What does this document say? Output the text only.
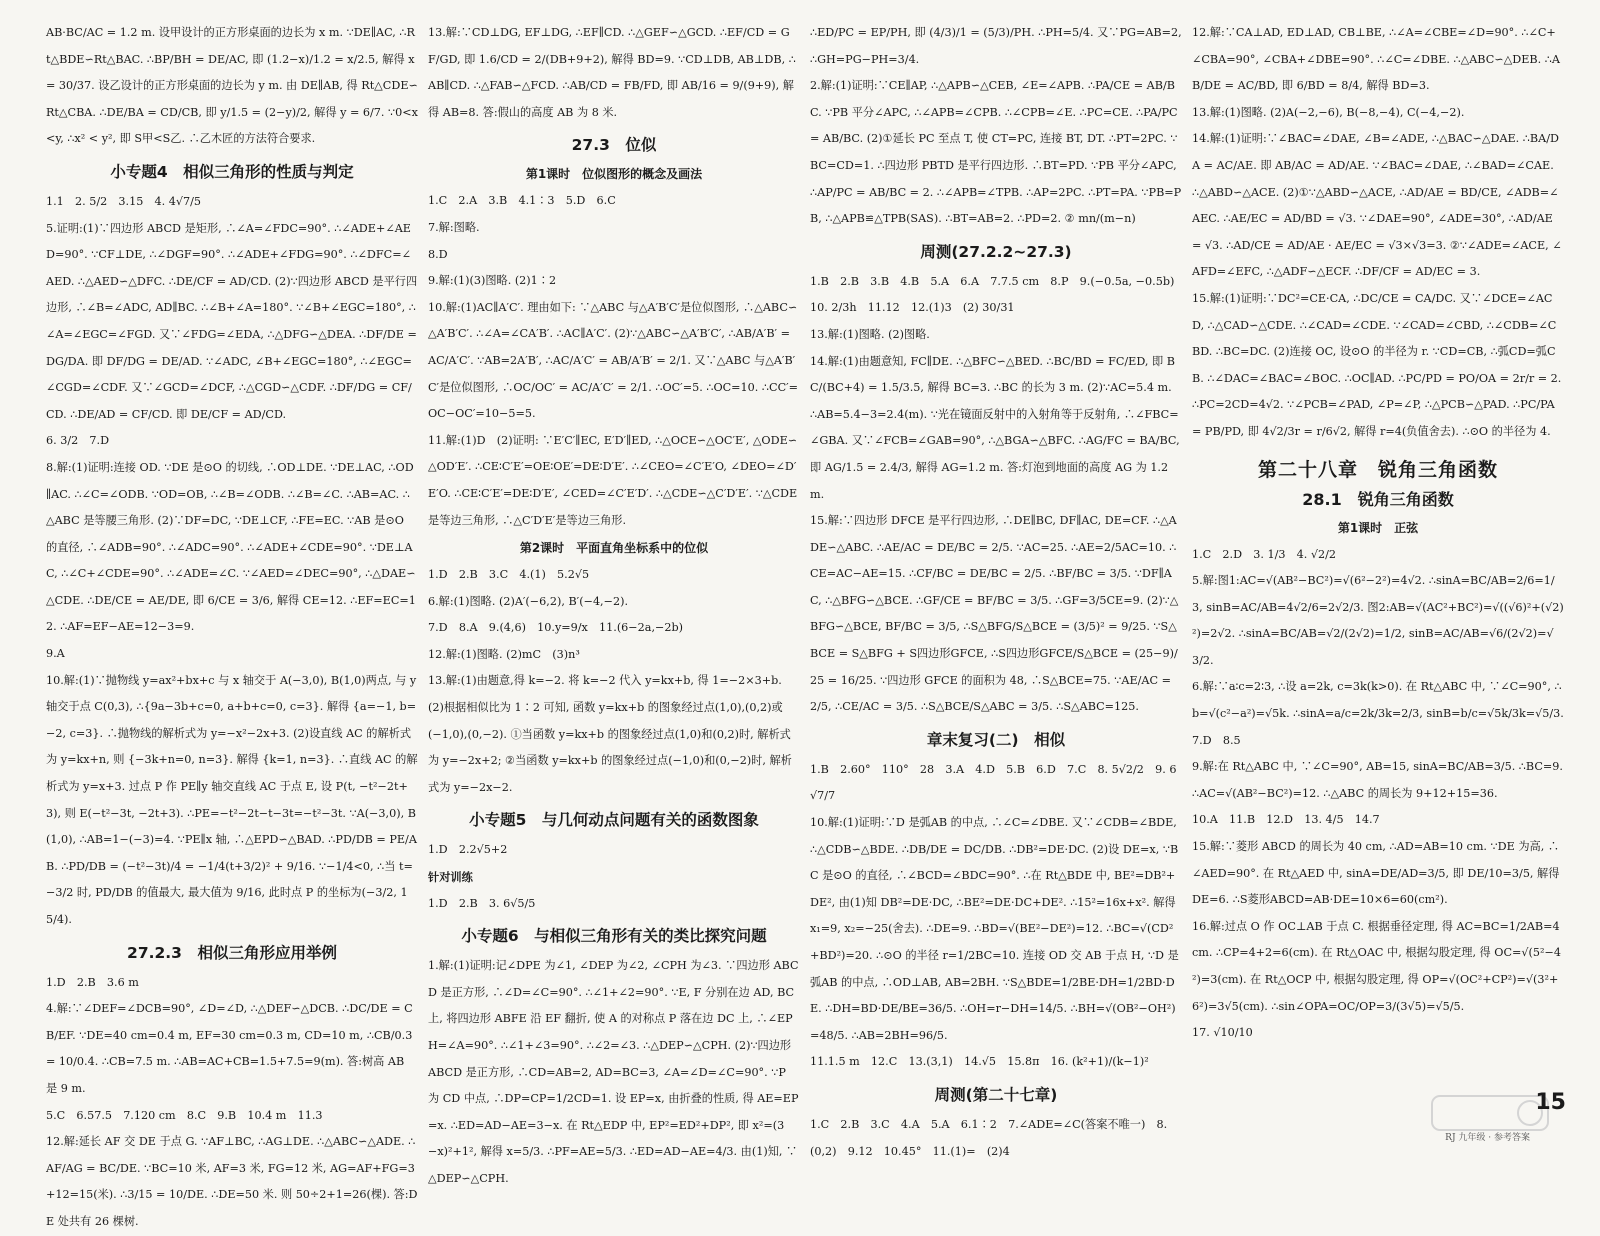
AB·BC/AC = 1.2 m. 设甲设计的正方形桌面的边长为 x m. ∵DE∥AC, ∴Rt△BDE∽Rt△BAC. ∴BP/BH = DE/AC, 即 (1.2−x)/1.2 = x/2.5, 解得 x = 30/37. 设乙设计的正方形桌面的边长为 y m. 由 DE∥AB, 得 Rt△CDE∽Rt△CBA. ∴DE/BA = CD/CB, 即 y/1.5 = (2−y)/2, 解得 y = 6/7. ∵0<x<y, ∴x² < y², 即 S甲<S乙. ∴乙木匠的方法符合要求.

小专题4　相似三角形的性质与判定

1.1　2. 5/2　3.15　4. 4√7/5

5.证明:(1)∵四边形 ABCD 是矩形, ∴∠A=∠FDC=90°. ∴∠ADE+∠AED=90°. ∵CF⊥DE, ∴∠DGF=90°. ∴∠ADE+∠FDG=90°. ∴∠DFC=∠AED. ∴△AED∽△DFC. ∴DE/CF = AD/CD. (2)∵四边形 ABCD 是平行四边形, ∴∠B=∠ADC, AD∥BC. ∴∠B+∠A=180°. ∵∠B+∠EGC=180°, ∴∠A=∠EGC=∠FGD. 又∵∠FDG=∠EDA, ∴△DFG∽△DEA. ∴DF/DE = DG/DA. 即 DF/DG = DE/AD. ∵∠ADC, ∠B+∠EGC=180°, ∴∠EGC=∠CGD=∠CDF. 又∵∠GCD=∠DCF, ∴△CGD∽△CDF. ∴DF/DG = CF/CD. ∴DE/AD = CF/CD. 即 DE/CF = AD/CD.

6. 3/2　7.D

8.解:(1)证明:连接 OD. ∵DE 是⊙O 的切线, ∴OD⊥DE. ∵DE⊥AC, ∴OD∥AC. ∴∠C=∠ODB. ∵OD=OB, ∴∠B=∠ODB. ∴∠B=∠C. ∴AB=AC. ∴△ABC 是等腰三角形. (2)∵DF=DC, ∵DE⊥CF, ∴FE=EC. ∵AB 是⊙O 的直径, ∴∠ADB=90°. ∴∠ADC=90°. ∴∠ADE+∠CDE=90°. ∵DE⊥AC, ∴∠C+∠CDE=90°. ∴∠ADE=∠C. ∵∠AED=∠DEC=90°, ∴△DAE∽△CDE. ∴DE/CE = AE/DE, 即 6/CE = 3/6, 解得 CE=12. ∴EF=EC=12. ∴AF=EF−AE=12−3=9.

9.A

10.解:(1)∵抛物线 y=ax²+bx+c 与 x 轴交于 A(−3,0), B(1,0)两点, 与 y 轴交于点 C(0,3), ∴{9a−3b+c=0, a+b+c=0, c=3}. 解得 {a=−1, b=−2, c=3}. ∴抛物线的解析式为 y=−x²−2x+3. (2)设直线 AC 的解析式为 y=kx+n, 则 {−3k+n=0, n=3}. 解得 {k=1, n=3}. ∴直线 AC 的解析式为 y=x+3. 过点 P 作 PE∥y 轴交直线 AC 于点 E, 设 P(t, −t²−2t+3), 则 E(−t²−3t, −2t+3). ∴PE=−t²−2t−t−3t=−t²−3t. ∵A(−3,0), B(1,0), ∴AB=1−(−3)=4. ∵PE∥x 轴, ∴△EPD∽△BAD. ∴PD/DB = PE/AB. ∴PD/DB = (−t²−3t)/4 = −1/4(t+3/2)² + 9/16. ∵−1/4<0, ∴当 t=−3/2 时, PD/DB 的值最大, 最大值为 9/16, 此时点 P 的坐标为(−3/2, 15/4).

27.2.3　相似三角形应用举例

1.D　2.B　3.6 m

4.解:∵∠DEF=∠DCB=90°, ∠D=∠D, ∴△DEF∽△DCB. ∴DC/DE = CB/EF. ∵DE=40 cm=0.4 m, EF=30 cm=0.3 m, CD=10 m, ∴CB/0.3 = 10/0.4. ∴CB=7.5 m. ∴AB=AC+CB=1.5+7.5=9(m). 答:树高 AB 是 9 m.

5.C　6.57.5　7.120 cm　8.C　9.B　10.4 m　11.3

12.解:延长 AF 交 DE 于点 G. ∵AF⊥BC, ∴AG⊥DE. ∴△ABC∽△ADE. ∴AF/AG = BC/DE. ∵BC=10 米, AF=3 米, FG=12 米, AG=AF+FG=3+12=15(米). ∴3/15 = 10/DE. ∴DE=50 米. 则 50÷2+1=26(棵). 答:DE 处共有 26 棵树.

13.解:∵CD⊥DG, EF⊥DG, ∴EF∥CD. ∴△GEF∽△GCD. ∴EF/CD = GF/GD, 即 1.6/CD = 2/(DB+9+2), 解得 BD=9. ∵CD⊥DB, AB⊥DB, ∴AB∥CD. ∴△FAB∽△FCD. ∴AB/CD = FB/FD, 即 AB/16 = 9/(9+9), 解得 AB=8. 答:假山的高度 AB 为 8 米.

27.3　位似
第1课时　位似图形的概念及画法

1.C　2.A　3.B　4.1∶3　5.D　6.C

7.解:图略.

8.D

9.解:(1)(3)图略. (2)1∶2

10.解:(1)AC∥A′C′. 理由如下: ∵△ABC 与△A′B′C′是位似图形, ∴△ABC∽△A′B′C′. ∴∠A=∠CA′B′. ∴AC∥A′C′. (2)∵△ABC∽△A′B′C′, ∴AB/A′B′ = AC/A′C′. ∵AB=2A′B′, ∴AC/A′C′ = AB/A′B′ = 2/1. 又∵△ABC 与△A′B′C′是位似图形, ∴OC/OC′ = AC/A′C′ = 2/1. ∴OC′=5. ∴OC=10. ∴CC′=OC−OC′=10−5=5.

11.解:(1)D　(2)证明: ∵E′C′∥EC, E′D′∥ED, ∴△OCE∽△OC′E′, △ODE∽△OD′E′. ∴CE∶C′E′=OE∶OE′=DE∶D′E′. ∴∠CEO=∠C′E′O, ∠DEO=∠D′E′O. ∴CE∶C′E′=DE∶D′E′, ∠CED=∠C′E′D′. ∴△CDE∽△C′D′E′. ∵△CDE 是等边三角形, ∴△C′D′E′是等边三角形.

第2课时　平面直角坐标系中的位似

1.D　2.B　3.C　4.(1)　5.2√5

6.解:(1)图略. (2)A′(−6,2), B′(−4,−2).

7.D　8.A　9.(4,6)　10.y=9/x　11.(6−2a,−2b)

12.解:(1)图略. (2)mC　(3)n³

13.解:(1)由题意,得 k=−2. 将 k=−2 代入 y=kx+b, 得 1=−2×3+b. (2)根据相似比为 1∶2 可知, 函数 y=kx+b 的图象经过点(1,0),(0,2)或(−1,0),(0,−2). ①当函数 y=kx+b 的图象经过点(1,0)和(0,2)时, 解析式为 y=−2x+2; ②当函数 y=kx+b 的图象经过点(−1,0)和(0,−2)时, 解析式为 y=−2x−2.

小专题5　与几何动点问题有关的函数图象

1.D　2.2√5+2

针对训练

1.D　2.B　3. 6√5/5

小专题6　与相似三角形有关的类比探究问题

1.解:(1)证明:记∠DPE 为∠1, ∠DEP 为∠2, ∠CPH 为∠3. ∵四边形 ABCD 是正方形, ∴∠D=∠C=90°. ∴∠1+∠2=90°. ∵E, F 分别在边 AD, BC 上, 将四边形 ABFE 沿 EF 翻折, 使 A 的对称点 P 落在边 DC 上, ∴∠EPH=∠A=90°. ∴∠1+∠3=90°. ∴∠2=∠3. ∴△DEP∽△CPH. (2)∵四边形 ABCD 是正方形, ∴CD=AB=2, AD=BC=3, ∠A=∠D=∠C=90°. ∵P 为 CD 中点, ∴DP=CP=1/2CD=1. 设 EP=x, 由折叠的性质, 得 AE=EP=x. ∴ED=AD−AE=3−x. 在 Rt△EDP 中, EP²=ED²+DP², 即 x²=(3−x)²+1², 解得 x=5/3. ∴PF=AE=5/3. ∴ED=AD−AE=4/3. 由(1)知, ∵△DEP∽△CPH.

∴ED/PC = EP/PH, 即 (4/3)/1 = (5/3)/PH. ∴PH=5/4. 又∵PG=AB=2, ∴GH=PG−PH=3/4.

2.解:(1)证明:∵CE∥AP, ∴△APB∽△CEB, ∠E=∠APB. ∴PA/CE = AB/BC. ∵PB 平分∠APC, ∴∠APB=∠CPB. ∴∠CPB=∠E. ∴PC=CE. ∴PA/PC = AB/BC. (2)①延长 PC 至点 T, 使 CT=PC, 连接 BT, DT. ∴PT=2PC. ∵BC=CD=1. ∴四边形 PBTD 是平行四边形. ∴BT=PD. ∵PB 平分∠APC, ∴AP/PC = AB/BC = 2. ∴∠APB=∠TPB. ∴AP=2PC. ∴PT=PA. ∵PB=PB, ∴△APB≌△TPB(SAS). ∴BT=AB=2. ∴PD=2. ② mn/(m−n)

周测(27.2.2∼27.3)

1.B　2.B　3.B　4.B　5.A　6.A　7.7.5 cm　8.P　9.(−0.5a, −0.5b)　10. 2/3h　11.12　12.(1)3　(2) 30/31

13.解:(1)图略. (2)图略.

14.解:(1)由题意知, FC∥DE. ∴△BFC∽△BED. ∴BC/BD = FC/ED, 即 BC/(BC+4) = 1.5/3.5, 解得 BC=3. ∴BC 的长为 3 m. (2)∵AC=5.4 m. ∴AB=5.4−3=2.4(m). ∵光在镜面反射中的入射角等于反射角, ∴∠FBC=∠GBA. 又∵∠FCB=∠GAB=90°, ∴△BGA∽△BFC. ∴AG/FC = BA/BC, 即 AG/1.5 = 2.4/3, 解得 AG=1.2 m. 答:灯泡到地面的高度 AG 为 1.2 m.

15.解:∵四边形 DFCE 是平行四边形, ∴DE∥BC, DF∥AC, DE=CF. ∴△ADE∽△ABC. ∴AE/AC = DE/BC = 2/5. ∵AC=25. ∴AE=2/5AC=10. ∴CE=AC−AE=15. ∴CF/BC = DE/BC = 2/5. ∴BF/BC = 3/5. ∵DF∥AC, ∴△BFG∽△BCE. ∴GF/CE = BF/BC = 3/5. ∴GF=3/5CE=9. (2)∵△BFG∽△BCE, BF/BC = 3/5, ∴S△BFG/S△BCE = (3/5)² = 9/25. ∵S△BCE = S△BFG + S四边形GFCE, ∴S四边形GFCE/S△BCE = (25−9)/25 = 16/25. ∵四边形 GFCE 的面积为 48, ∴S△BCE=75. ∵AE/AC = 2/5, ∴CE/AC = 3/5. ∴S△BCE/S△ABC = 3/5. ∴S△ABC=125.

章末复习(二)　相似

1.B　2.60°　110°　28　3.A　4.D　5.B　6.D　7.C　8. 5√2/2　9. 6√7/7

10.解:(1)证明:∵D 是弧AB 的中点, ∴∠C=∠DBE. 又∵∠CDB=∠BDE, ∴△CDB∽△BDE. ∴DB/DE = DC/DB. ∴DB²=DE·DC. (2)设 DE=x, ∵BC 是⊙O 的直径, ∴∠BCD=∠BDC=90°. ∴在 Rt△BDE 中, BE²=DB²+DE², 由(1)知 DB²=DE·DC, ∴BE²=DE·DC+DE². ∴15²=16x+x². 解得 x₁=9, x₂=−25(舍去). ∴DE=9. ∴BD=√(BE²−DE²)=12. ∴BC=√(CD²+BD²)=20. ∴⊙O 的半径 r=1/2BC=10. 连接 OD 交 AB 于点 H, ∵D 是弧AB 的中点, ∴OD⊥AB, AB=2BH. ∵S△BDE=1/2BE·DH=1/2BD·DE. ∴DH=BD·DE/BE=36/5. ∴OH=r−DH=14/5. ∴BH=√(OB²−OH²)=48/5. ∴AB=2BH=96/5.

11.1.5 m　12.C　13.(3,1)　14.√5　15.8π　16. (k²+1)/(k−1)²

周测(第二十七章)

1.C　2.B　3.C　4.A　5.A　6.1∶2　7.∠ADE=∠C(答案不唯一)　8.(0,2)　9.12　10.45°　11.(1)=　(2)4

12.解:∵CA⊥AD, ED⊥AD, CB⊥BE, ∴∠A=∠CBE=∠D=90°. ∴∠C+∠CBA=90°, ∠CBA+∠DBE=90°. ∴∠C=∠DBE. ∴△ABC∽△DEB. ∴AB/DE = AC/BD, 即 6/BD = 8/4, 解得 BD=3.

13.解:(1)图略. (2)A(−2,−6), B(−8,−4), C(−4,−2).

14.解:(1)证明:∵∠BAC=∠DAE, ∠B=∠ADE, ∴△BAC∽△DAE. ∴BA/DA = AC/AE. 即 AB/AC = AD/AE. ∵∠BAC=∠DAE, ∴∠BAD=∠CAE. ∴△ABD∽△ACE. (2)①∵△ABD∽△ACE, ∴AD/AE = BD/CE, ∠ADB=∠AEC. ∴AE/EC = AD/BD = √3. ∵∠DAE=90°, ∠ADE=30°, ∴AD/AE = √3. ∴AD/CE = AD/AE · AE/EC = √3×√3=3. ②∵∠ADE=∠ACE, ∠AFD=∠EFC, ∴△ADF∽△ECF. ∴DF/CF = AD/EC = 3.

15.解:(1)证明:∵DC²=CE·CA, ∴DC/CE = CA/DC. 又∵∠DCE=∠ACD, ∴△CAD∽△CDE. ∴∠CAD=∠CDE. ∵∠CAD=∠CBD, ∴∠CDB=∠CBD. ∴BC=DC. (2)连接 OC, 设⊙O 的半径为 r. ∵CD=CB, ∴弧CD=弧CB. ∴∠DAC=∠BAC=∠BOC. ∴OC∥AD. ∴PC/PD = PO/OA = 2r/r = 2. ∴PC=2CD=4√2. ∵∠PCB=∠PAD, ∠P=∠P, ∴△PCB∽△PAD. ∴PC/PA = PB/PD, 即 4√2/3r = r/6√2, 解得 r=4(负值舍去). ∴⊙O 的半径为 4.

第二十八章　锐角三角函数
28.1　锐角三角函数
第1课时　正弦

1.C　2.D　3. 1/3　4. √2/2

5.解:图1:AC=√(AB²−BC²)=√(6²−2²)=4√2. ∴sinA=BC/AB=2/6=1/3, sinB=AC/AB=4√2/6=2√2/3. 图2:AB=√(AC²+BC²)=√((√6)²+(√2)²)=2√2. ∴sinA=BC/AB=√2/(2√2)=1/2, sinB=AC/AB=√6/(2√2)=√3/2.

6.解:∵a∶c=2∶3, ∴设 a=2k, c=3k(k>0). 在 Rt△ABC 中, ∵∠C=90°, ∴b=√(c²−a²)=√5k. ∴sinA=a/c=2k/3k=2/3, sinB=b/c=√5k/3k=√5/3.

7.D　8.5

9.解:在 Rt△ABC 中, ∵∠C=90°, AB=15, sinA=BC/AB=3/5. ∴BC=9. ∴AC=√(AB²−BC²)=12. ∴△ABC 的周长为 9+12+15=36.

10.A　11.B　12.D　13. 4/5　14.7

15.解:∵菱形 ABCD 的周长为 40 cm, ∴AD=AB=10 cm. ∵DE 为高, ∴∠AED=90°. 在 Rt△AED 中, sinA=DE/AD=3/5, 即 DE/10=3/5, 解得 DE=6. ∴S菱形ABCD=AB·DE=10×6=60(cm²).

16.解:过点 O 作 OC⊥AB 于点 C. 根据垂径定理, 得 AC=BC=1/2AB=4 cm. ∴CP=4+2=6(cm). 在 Rt△OAC 中, 根据勾股定理, 得 OC=√(5²−4²)=3(cm). 在 Rt△OCP 中, 根据勾股定理, 得 OP=√(OC²+CP²)=√(3²+6²)=3√5(cm). ∴sin∠OPA=OC/OP=3/(3√5)=√5/5.

17. √10/10

15
RJ 九年级 · 参考答案
